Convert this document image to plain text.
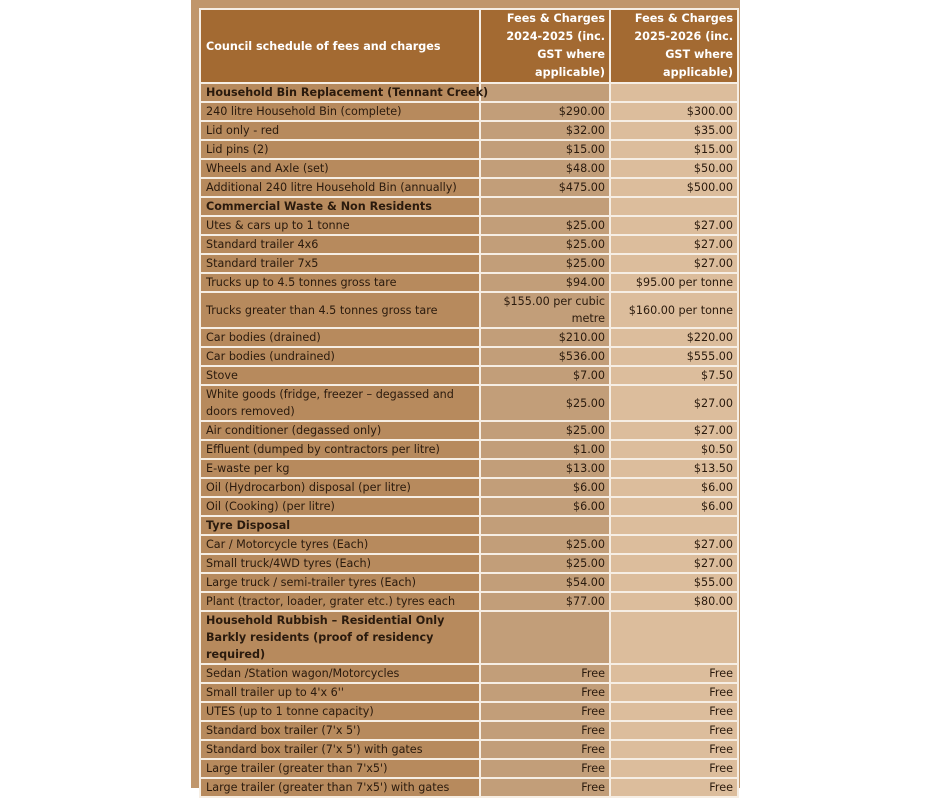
Council schedule of fees and charges	Fees & Charges 2024-2025 (inc. GST where applicable)	Fees & Charges 2025-2026 (inc. GST where applicable)
Household Bin Replacement (Tennant Creek)		
240 litre Household Bin (complete)	$290.00	$300.00
Lid only - red	$32.00	$35.00
Lid pins (2)	$15.00	$15.00
Wheels and Axle (set)	$48.00	$50.00
Additional 240 litre Household Bin (annually)	$475.00	$500.00
Commercial Waste & Non Residents		
Utes & cars up to 1 tonne	$25.00	$27.00
Standard trailer 4x6	$25.00	$27.00
Standard trailer 7x5	$25.00	$27.00
Trucks up to 4.5 tonnes gross tare	$94.00	$95.00 per tonne
Trucks greater than 4.5 tonnes gross tare	$155.00 per cubic metre	$160.00 per tonne
Car bodies (drained)	$210.00	$220.00
Car bodies (undrained)	$536.00	$555.00
Stove	$7.00	$7.50
White goods (fridge, freezer – degassed and doors removed)	$25.00	$27.00
Air conditioner (degassed only)	$25.00	$27.00
Effluent (dumped by contractors per litre)	$1.00	$0.50
E-waste per kg	$13.00	$13.50
Oil (Hydrocarbon) disposal (per litre)	$6.00	$6.00
Oil (Cooking) (per litre)	$6.00	$6.00
Tyre Disposal		
Car / Motorcycle tyres (Each)	$25.00	$27.00
Small truck/4WD tyres (Each)	$25.00	$27.00
Large truck / semi-trailer tyres (Each)	$54.00	$55.00
Plant (tractor, loader, grater etc.) tyres each	$77.00	$80.00
Household Rubbish – Residential Only Barkly residents (proof of residency required)		
Sedan /Station wagon/Motorcycles	Free	Free
Small trailer up to 4'x 6''	Free	Free
UTES (up to 1 tonne capacity)	Free	Free
Standard box trailer (7'x 5')	Free	Free
Standard box trailer (7'x 5') with gates	Free	Free
Large trailer (greater than 7'x5')	Free	Free
Large trailer (greater than 7'x5') with gates	Free	Free
